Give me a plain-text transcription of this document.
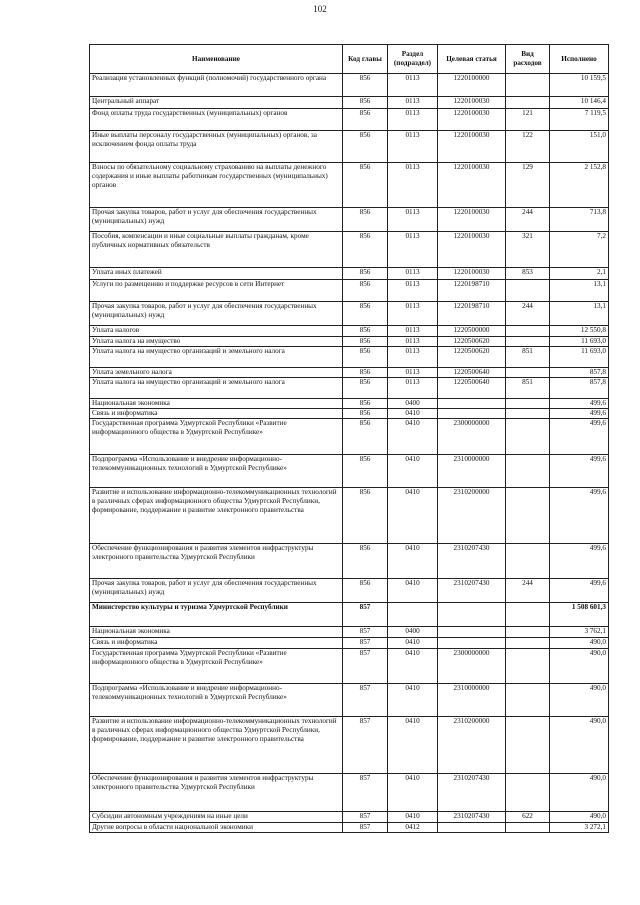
102
Наименование	Код главы	Раздел (подраздел)	Целевая статья	Вид расходов	Исполнено
Реализация установленных функций (полномочий) государственного органа	856	0113	1220100000		10 159,5
Центральный аппарат	856	0113	1220100030		10 146,4
Фонд оплаты труда государственных (муниципальных) органов	856	0113	1220100030	121	7 119,5
Иные выплаты персоналу государственных (муниципальных) органов, за исключением фонда оплаты труда	856	0113	1220100030	122	151,0
Взносы по обязательному социальному страхованию на выплаты денежного содержания и иные выплаты работникам государственных (муниципальных) органов	856	0113	1220100030	129	2 152,8
Прочая закупка товаров, работ и услуг для обеспечения государственных (муниципальных) нужд	856	0113	1220100030	244	713,8
Пособия, компенсации и иные социальные выплаты гражданам, кроме публичных нормативных обязательств	856	0113	1220100030	321	7,2
Уплата иных платежей	856	0113	1220100030	853	2,1
Услуги по размещению и поддержке ресурсов в сети Интернет	856	0113	1220198710		13,1
Прочая закупка товаров, работ и услуг для обеспечения государственных (муниципальных) нужд	856	0113	1220198710	244	13,1
Уплата налогов	856	0113	1220500000		12 550,8
Уплата налога на имущество	856	0113	1220500620		11 693,0
Уплата налога на имущество организаций и земельного налога	856	0113	1220500620	851	11 693,0
Уплата земельного налога	856	0113	1220500640		857,8
Уплата налога на имущество организаций и земельного налога	856	0113	1220500640	851	857,8
Национальная экономика	856	0400			499,6
Связь и информатика	856	0410			499,6
Государственная программа Удмуртской Республики «Развитие информационного общества в Удмуртской Республике»	856	0410	2300000000		499,6
Подпрограмма «Использование и внедрение информационно-телекоммуникационных технологий в Удмуртской Республике»	856	0410	2310000000		499,6
Развитие и использование информационно-телекоммуникационных технологий в различных сферах информационного общества Удмуртской Республики, формирование, поддержание и развитие электронного правительства	856	0410	2310200000		499,6
Обеспечение функционирования и развития элементов инфраструктуры электронного правительства Удмуртской Республики	856	0410	2310207430		499,6
Прочая закупка товаров, работ и услуг для обеспечения государственных (муниципальных) нужд	856	0410	2310207430	244	499,6
Министерство культуры и туризма Удмуртской Республики	857				1 508 601,3
Национальная экономика	857	0400			3 762,1
Связь и информатика	857	0410			490,0
Государственная программа Удмуртской Республики «Развитие информационного общества в Удмуртской Республике»	857	0410	2300000000		490,0
Подпрограмма «Использование и внедрение информационно-телекоммуникационных технологий в Удмуртской Республике»	857	0410	2310000000		490,0
Развитие и использование информационно-телекоммуникационных технологий в различных сферах информационного общества Удмуртской Республики, формирование, поддержание и развитие электронного правительства	857	0410	2310200000		490,0
Обеспечение функционирования и развития элементов инфраструктуры электронного правительства Удмуртской Республики	857	0410	2310207430		490,0
Субсидии автономным учреждениям на иные цели	857	0410	2310207430	622	490,0
Другие вопросы в области национальной экономики	857	0412			3 272,1
